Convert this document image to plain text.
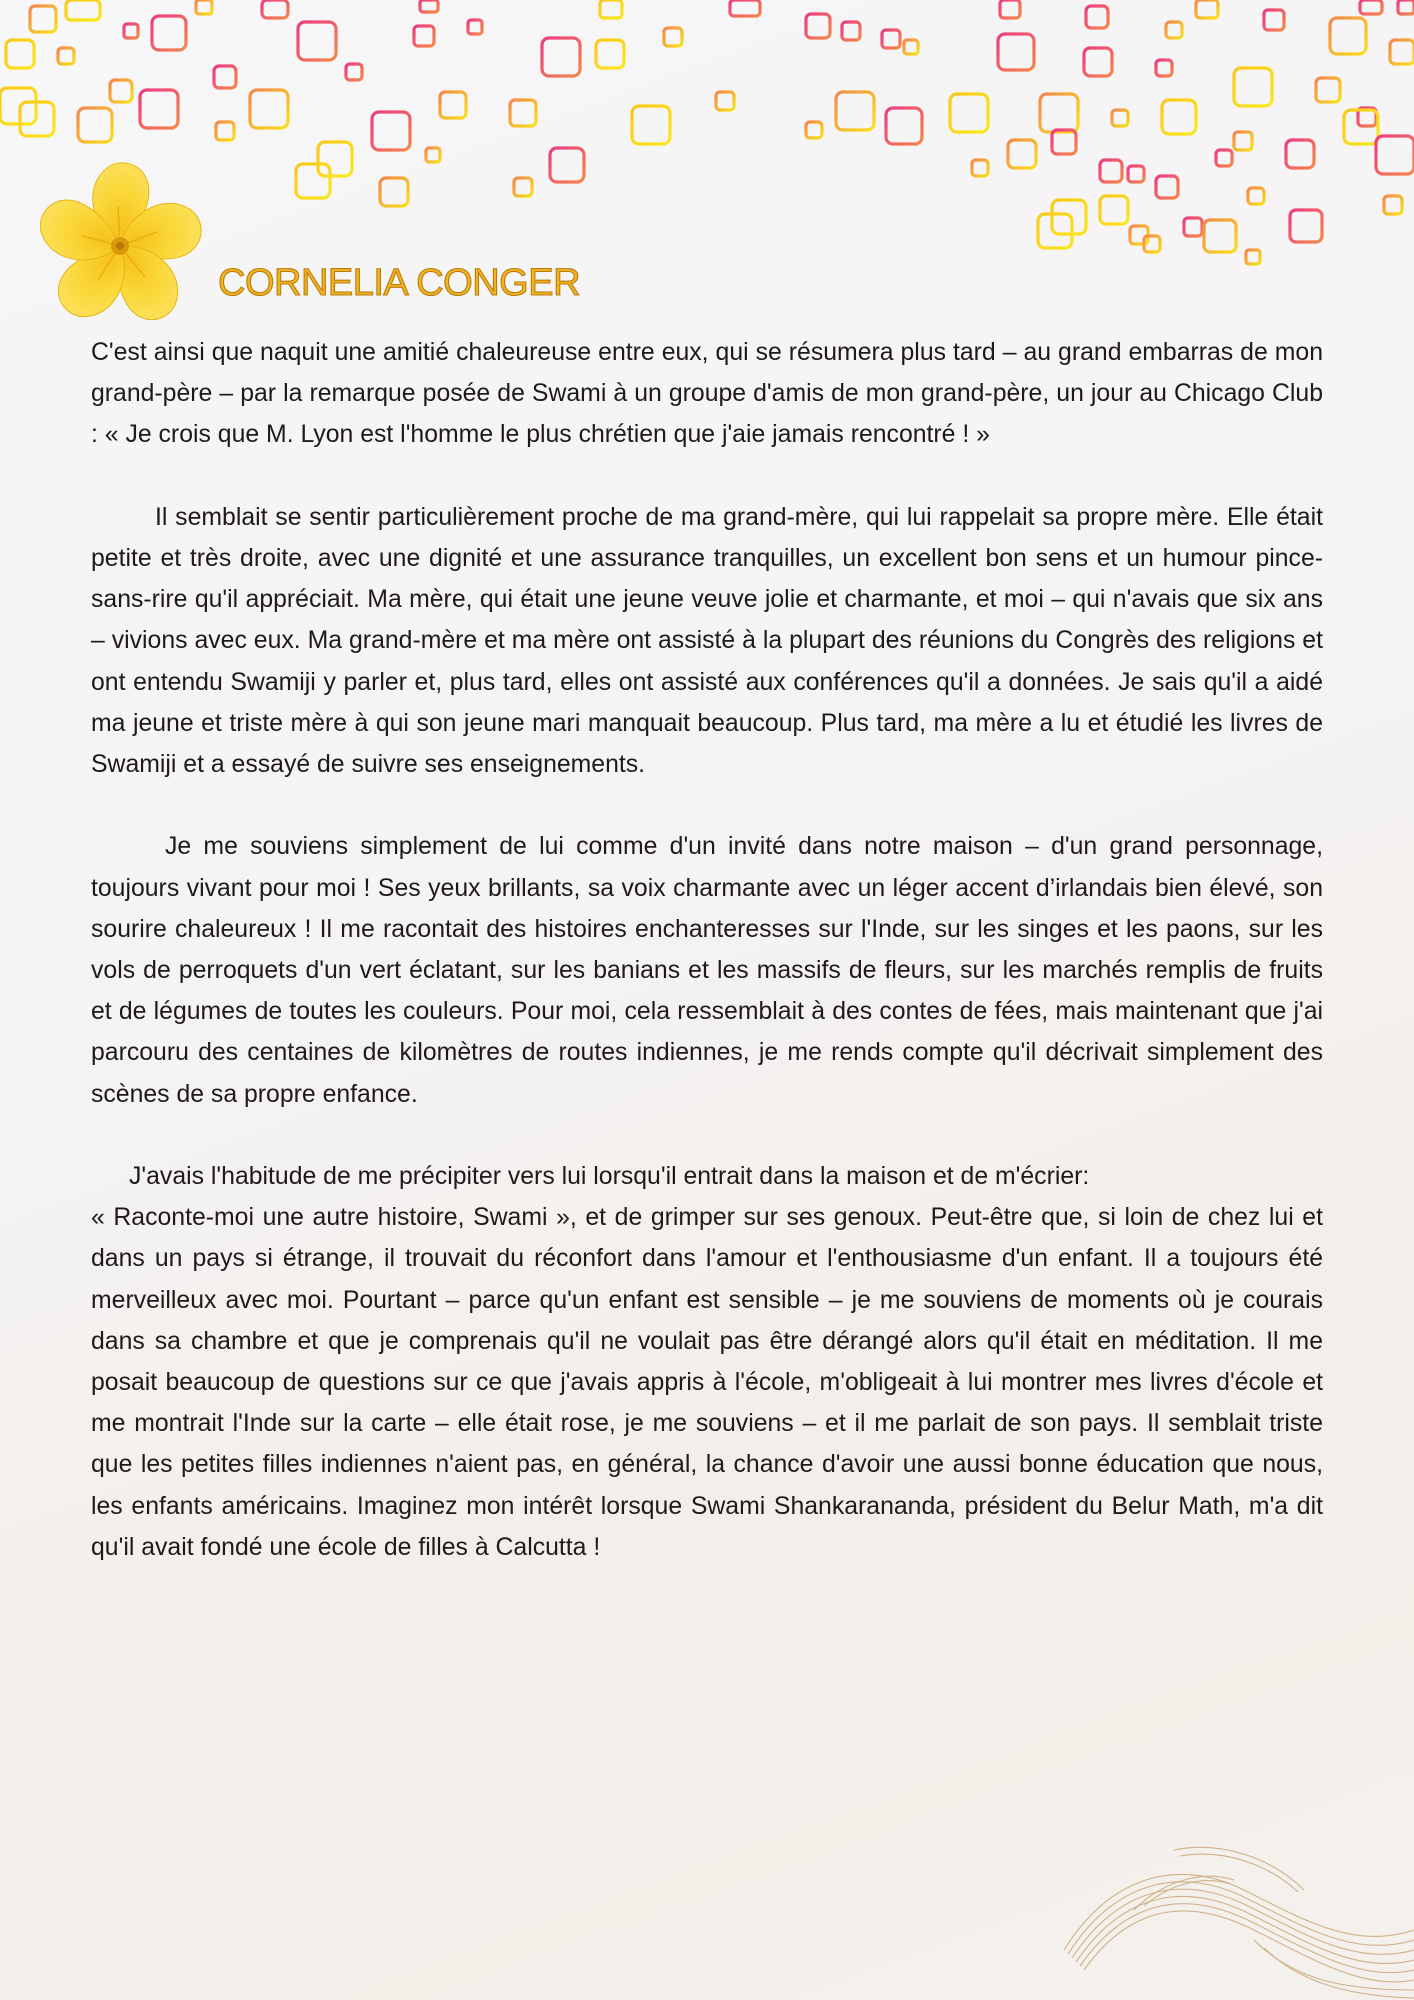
CORNELIA CONGER

C'est ainsi que naquit une amitié chaleureuse entre eux, qui se résumera plus tard – au grand embarras de mon grand-père – par la remarque posée de Swami à un groupe d'amis de mon grand-père, un jour au Chicago Club : « Je crois que M. Lyon est l'homme le plus chrétien que j'aie jamais rencontré ! »

Il semblait se sentir particulièrement proche de ma grand-mère, qui lui rappelait sa propre mère. Elle était petite et très droite, avec une dignité et une assurance tranquilles, un excellent bon sens et un humour pince-sans-rire qu'il appréciait. Ma mère, qui était une jeune veuve jolie et charmante, et moi – qui n'avais que six ans – vivions avec eux. Ma grand-mère et ma mère ont assisté à la plupart des réunions du Congrès des religions et ont entendu Swamiji y parler et, plus tard, elles ont assisté aux conférences qu'il a données. Je sais qu'il a aidé ma jeune et triste mère à qui son jeune mari manquait beaucoup. Plus tard, ma mère a lu et étudié les livres de Swamiji et a essayé de suivre ses enseignements.

Je me souviens simplement de lui comme d'un invité dans notre maison – d'un grand personnage, toujours vivant pour moi ! Ses yeux brillants, sa voix charmante avec un léger accent d’irlandais bien élevé, son sourire chaleureux ! Il me racontait des histoires enchanteresses sur l'Inde, sur les singes et les paons, sur les vols de perroquets d'un vert éclatant, sur les banians et les massifs de fleurs, sur les marchés remplis de fruits et de légumes de toutes les couleurs. Pour moi, cela ressemblait à des contes de fées, mais maintenant que j'ai parcouru des centaines de kilomètres de routes indiennes, je me rends compte qu'il décrivait simplement des scènes de sa propre enfance.

J'avais l'habitude de me précipiter vers lui lorsqu'il entrait dans la maison et de m'écrier:
« Raconte-moi une autre histoire, Swami », et de grimper sur ses genoux. Peut-être que, si loin de chez lui et dans un pays si étrange, il trouvait du réconfort dans l'amour et l'enthousiasme d'un enfant. Il a toujours été merveilleux avec moi. Pourtant – parce qu'un enfant est sensible – je me souviens de moments où je courais dans sa chambre et que je comprenais qu'il ne voulait pas être dérangé alors qu'il était en méditation. Il me posait beaucoup de questions sur ce que j'avais appris à l'école, m'obligeait à lui montrer mes livres d'école et me montrait l'Inde sur la carte – elle était rose, je me souviens – et il me parlait de son pays. Il semblait triste que les petites filles indiennes n'aient pas, en général, la chance d'avoir une aussi bonne éducation que nous, les enfants américains. Imaginez mon intérêt lorsque Swami Shankarananda, président du Belur Math, m'a dit qu'il avait fondé une école de filles à Calcutta !
